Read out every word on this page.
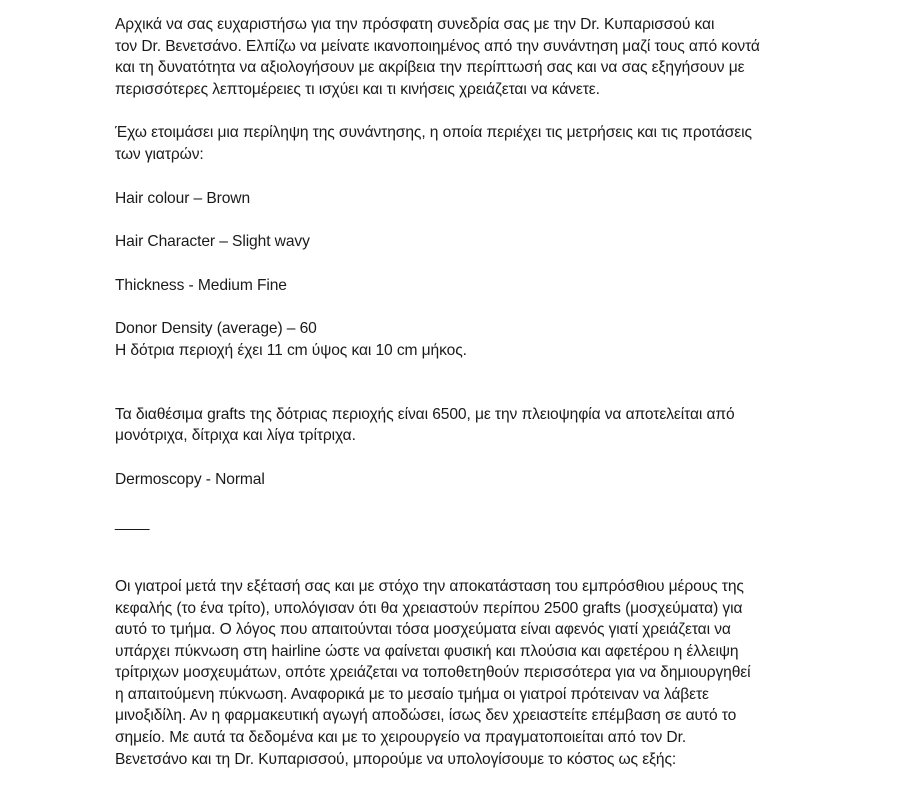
Αρχικά να σας ευχαριστήσω για την πρόσφατη συνεδρία σας με την Dr. Κυπαρισσού και
τον Dr. Βενετσάνο. Ελπίζω να μείνατε ικανοποιημένος από την συνάντηση μαζί τους από κοντά
και τη δυνατότητα να αξιολογήσουν με ακρίβεια την περίπτωσή σας και να σας εξηγήσουν με
περισσότερες λεπτομέρειες τι ισχύει και τι κινήσεις χρειάζεται να κάνετε.

Έχω ετοιμάσει μια περίληψη της συνάντησης, η οποία περιέχει τις μετρήσεις και τις προτάσεις
των γιατρών:

Hair colour – Brown

Hair Character – Slight wavy

Thickness - Medium Fine

Donor Density (average) – 60
Η δότρια περιοχή έχει 11 cm ύψος και 10 cm μήκος.

Τα διαθέσιμα grafts της δότριας περιοχής είναι 6500, με την πλειοψηφία να αποτελείται από
μονότριχα, δίτριχα και λίγα τρίτριχα.

Dermoscopy - Normal

____

Οι γιατροί μετά την εξέτασή σας και με στόχο την αποκατάσταση του εμπρόσθιου μέρους της
κεφαλής (το ένα τρίτο), υπολόγισαν ότι θα χρειαστούν περίπου 2500 grafts (μοσχεύματα) για
αυτό το τμήμα. Ο λόγος που απαιτούνται τόσα μοσχεύματα είναι αφενός γιατί χρειάζεται να
υπάρχει πύκνωση στη hairline ώστε να φαίνεται φυσική και πλούσια και αφετέρου η έλλειψη
τρίτριχων μοσχευμάτων, οπότε χρειάζεται να τοποθετηθούν περισσότερα για να δημιουργηθεί
η απαιτούμενη πύκνωση. Αναφορικά με το μεσαίο τμήμα οι γιατροί πρότειναν να λάβετε
μινοξιδίλη. Αν η φαρμακευτική αγωγή αποδώσει, ίσως δεν χρειαστείτε επέμβαση σε αυτό το
σημείο. Με αυτά τα δεδομένα και με το χειρουργείο να πραγματοποιείται από τον Dr.
Βενετσάνο και τη Dr. Κυπαρισσού, μπορούμε να υπολογίσουμε το κόστος ως εξής:
